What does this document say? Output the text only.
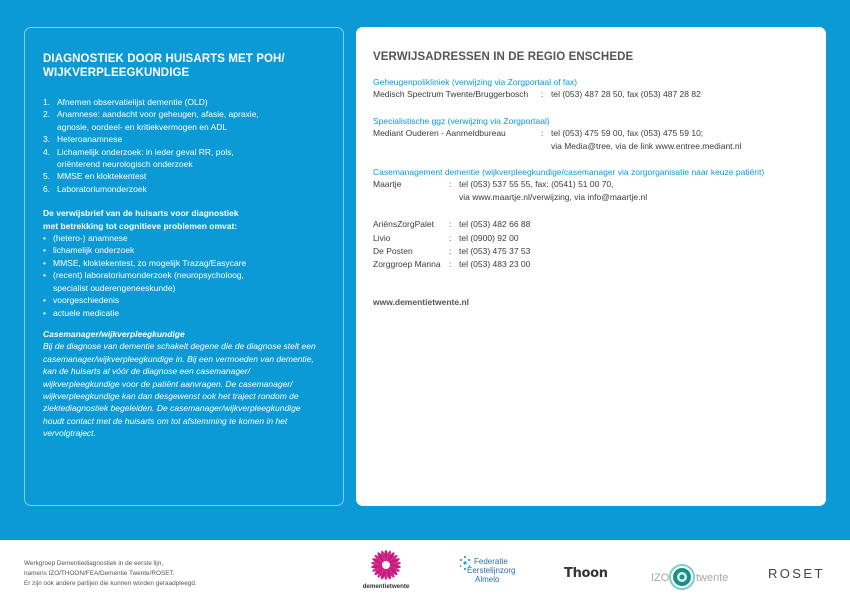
DIAGNOSTIEK DOOR HUISARTS MET POH/ WIJKVERPLEEGKUNDIGE
1. Afnemen observatielijst dementie (OLD)
2. Anamnese: aandacht voor geheugen, afasie, apraxie,
agnosie, oordeel- en kritiekvermogen en ADL
3. Heteroanamnese
4. Lichamelijk onderzoek: in ieder geval RR, pols,
oriënterend neurologisch onderzoek
5. MMSE en kloktekentest
6. Laboratoriumonderzoek
De verwijsbrief van de huisarts voor diagnostiek
met betrekking tot cognitieve problemen omvat:
• (hetero-) anamnese
• lichamelijk onderzoek
• MMSE, kloktekentest, zo mogelijk Trazag/Easycare
• (recent) laboratoriumonderzoek (neuropsycholoog,
specialist ouderengeneeskunde)
• voorgeschiedenis
• actuele medicatie
Casemanager/wijkverpleegkundige

Bij de diagnose van dementie schakelt degene die de diagnose stelt een casemanager/wijkverpleegkundige in. Bij een vermoeden van dementie, kan de huisarts al vóór de diagnose een casemanager/ wijkverpleegkundige voor de patiënt aanvragen. De casemanager/ wijkverpleegkundige kan dan desgewenst ook het traject rondom de ziektediagnostiek begeleiden. De casemanager/wijkverpleegkundige houdt contact met de huisarts om tot afstemming te komen in het vervolgtraject.

VERWIJSADRESSEN IN DE REGIO ENSCHEDE
Geheugenpolikliniek (verwijzing via Zorgportaal of fax)
Medisch Spectrum Twente/Bruggerbosch	: tel (053) 487 28 50, fax (053) 487 28 82
Specialistische ggz (verwijzing via Zorgportaal)
Mediant Ouderen - Aanmeldbureau	: tel (053) 475 59 00, fax (053) 475 59 10;
via Media@tree, via de link www.entree.mediant.nl
Casemanagement dementie (wijkverpleegkundige/casemanager via zorgorganisatie naar keuze patiënt)
Maartje	: tel (053) 537 55 55, fax: (0541) 51 00 70,
via www.maartje.nl/verwijzing, via info@maartje.nl
AriënsZorgPalet	: tel (053) 482 66 88
Livio	: tel (0900) 92 00
De Posten	: tel (053) 475 37 53
Zorggroep Manna : tel (053) 483 23 00
www.dementietwente.nl
Werkgroep Dementiediagnostiek in de eerste lijn,
namens IZO/THOON/FEA/Dementie Twente/ROSET.
Er zijn ook andere partijen die kunnen worden geraadpleegd.	dementietwente
Federatie
Eerstelijnzorg
Almelo	Thoon	IZO twente	ROSET
